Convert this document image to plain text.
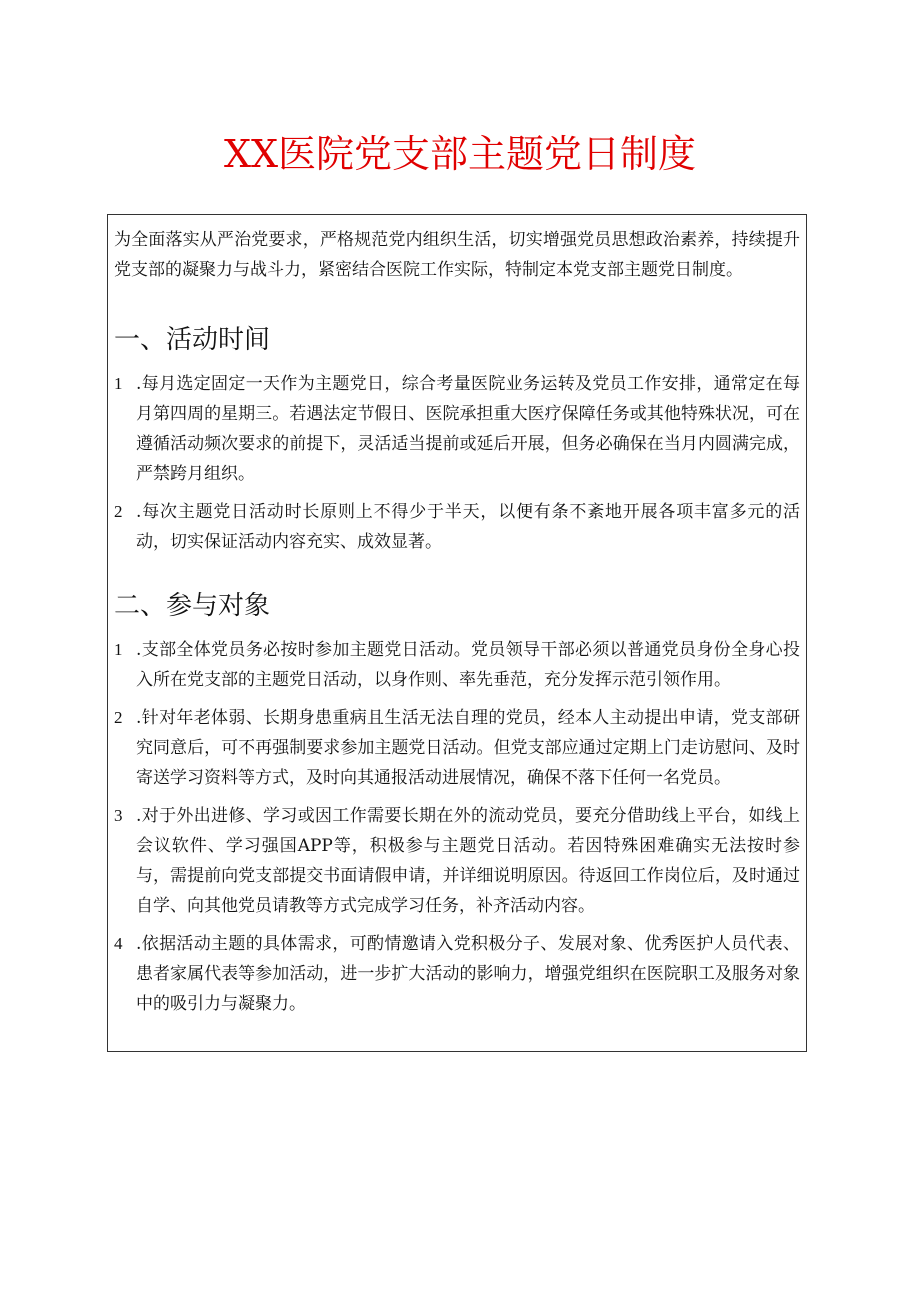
XX医院党支部主题党日制度

为全面落实从严治党要求，严格规范党内组织生活，切实增强党员思想政治素养，持续提升党支部的凝聚力与战斗力，紧密结合医院工作实际，特制定本党支部主题党日制度。

一、活动时间
1 .每月选定固定一天作为主题党日，综合考量医院业务运转及党员工作安排，通常定在每月第四周的星期三。若遇法定节假日、医院承担重大医疗保障任务或其他特殊状况，可在遵循活动频次要求的前提下，灵活适当提前或延后开展，但务必确保在当月内圆满完成，严禁跨月组织。
2 .每次主题党日活动时长原则上不得少于半天，以便有条不紊地开展各项丰富多元的活动，切实保证活动内容充实、成效显著。
二、参与对象
1 .支部全体党员务必按时参加主题党日活动。党员领导干部必须以普通党员身份全身心投入所在党支部的主题党日活动，以身作则、率先垂范，充分发挥示范引领作用。
2 .针对年老体弱、长期身患重病且生活无法自理的党员，经本人主动提出申请，党支部研究同意后，可不再强制要求参加主题党日活动。但党支部应通过定期上门走访慰问、及时寄送学习资料等方式，及时向其通报活动进展情况，确保不落下任何一名党员。
3 .对于外出进修、学习或因工作需要长期在外的流动党员，要充分借助线上平台，如线上会议软件、学习强国APP等，积极参与主题党日活动。若因特殊困难确实无法按时参与，需提前向党支部提交书面请假申请，并详细说明原因。待返回工作岗位后，及时通过自学、向其他党员请教等方式完成学习任务，补齐活动内容。
4 .依据活动主题的具体需求，可酌情邀请入党积极分子、发展对象、优秀医护人员代表、患者家属代表等参加活动，进一步扩大活动的影响力，增强党组织在医院职工及服务对象中的吸引力与凝聚力。
